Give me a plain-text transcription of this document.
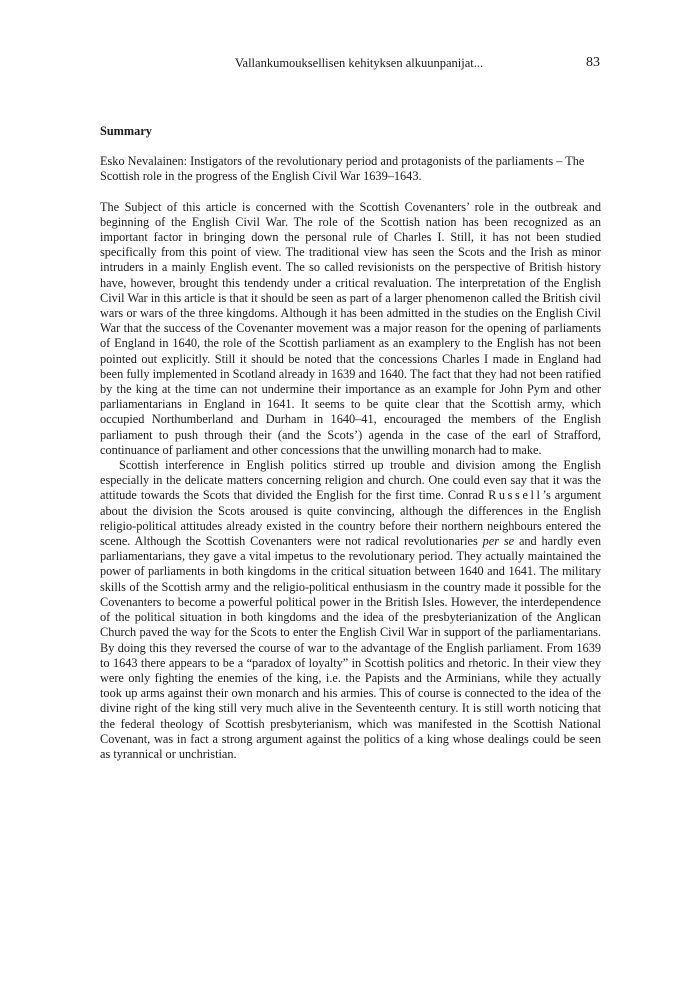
Vallankumouksellisen kehityksen alkuunpanijat...	83

Summary

Esko Nevalainen: Instigators of the revolutionary period and protagonists of the parliaments – The Scottish role in the progress of the English Civil War 1639–1643.

The Subject of this article is concerned with the Scottish Covenanters’ role in the outbreak and beginning of the English Civil War. The role of the Scottish nation has been recognized as an important factor in bringing down the personal rule of Charles I. Still, it has not been studied specifically from this point of view. The traditional view has seen the Scots and the Irish as minor intruders in a mainly English event. The so called revisionists on the perspective of British history have, however, brought this tendendy under a critical revaluation. The interpretation of the English Civil War in this article is that it should be seen as part of a larger phenomenon called the British civil wars or wars of the three kingdoms. Although it has been admitted in the studies on the English Civil War that the success of the Covenanter movement was a major reason for the opening of parliaments of England in 1640, the role of the Scottish parliament as an examplery to the English has not been pointed out explicitly. Still it should be noted that the concessions Charles I made in England had been fully implemented in Scotland already in 1639 and 1640. The fact that they had not been ratified by the king at the time can not undermine their importance as an example for John Pym and other parliamentarians in England in 1641. It seems to be quite clear that the Scottish army, which occupied Northumberland and Durham in 1640–41, encouraged the members of the English parliament to push through their (and the Scots’) agenda in the case of the earl of Strafford, continuance of parliament and other concessions that the unwilling monarch had to make.

Scottish interference in English politics stirred up trouble and division among the English especially in the delicate matters concerning religion and church. One could even say that it was the attitude towards the Scots that divided the English for the first time. Conrad Russell’s argument about the division the Scots aroused is quite convincing, although the differences in the English religio-political attitudes already existed in the country before their northern neighbours entered the scene. Although the Scottish Covenanters were not radical revolutionaries per se and hardly even parliamentarians, they gave a vital impetus to the revolutionary period. They actually maintained the power of parliaments in both kingdoms in the critical situation between 1640 and 1641. The military skills of the Scottish army and the religio-political enthusiasm in the country made it possible for the Covenanters to become a powerful political power in the British Isles. However, the interdependence of the political situation in both kingdoms and the idea of the presbyterianization of the Anglican Church paved the way for the Scots to enter the English Civil War in support of the parliamentarians. By doing this they reversed the course of war to the advantage of the English parliament. From 1639 to 1643 there appears to be a “paradox of loyalty” in Scottish politics and rhetoric. In their view they were only fighting the enemies of the king, i.e. the Papists and the Arminians, while they actually took up arms against their own monarch and his armies. This of course is connected to the idea of the divine right of the king still very much alive in the Seventeenth century. It is still worth noticing that the federal theology of Scottish presbyterianism, which was manifested in the Scottish National Covenant, was in fact a strong argument against the politics of a king whose dealings could be seen as tyrannical or unchristian.
